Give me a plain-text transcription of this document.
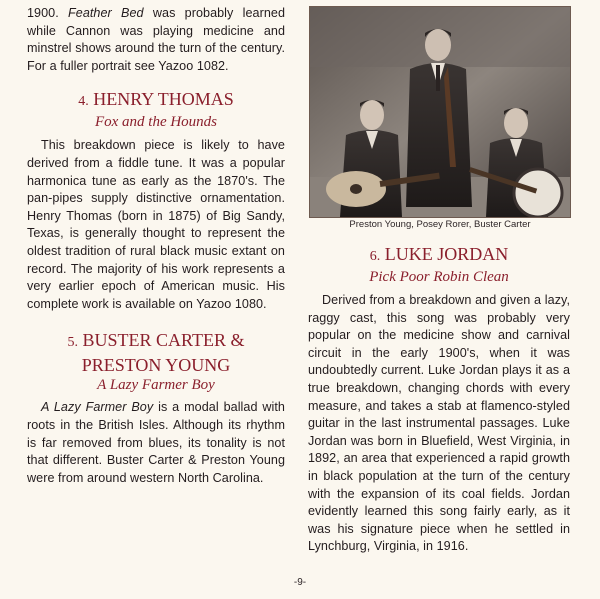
1900. Feather Bed was probably learned while Cannon was playing medicine and minstrel shows around the turn of the century. For a fuller portrait see Yazoo 1082.

4. HENRY THOMAS

Fox and the Hounds

This breakdown piece is likely to have derived from a fiddle tune. It was a popular harmonica tune as early as the 1870's. The pan-pipes supply distinctive ornamentation. Henry Thomas (born in 1875) of Big Sandy, Texas, is generally thought to represent the oldest tradition of rural black music extant on record. The majority of his work represents a very earlier epoch of American music. His complete work is available on Yazoo 1080.

5. BUSTER CARTER &

PRESTON YOUNG

A Lazy Farmer Boy

A Lazy Farmer Boy is a modal ballad with roots in the British Isles. Although its rhythm is far removed from blues, its tonality is not that different. Buster Carter & Preston Young were from around western North Carolina.

Preston Young, Posey Rorer, Buster Carter

6. LUKE JORDAN

Pick Poor Robin Clean

Derived from a breakdown and given a lazy, raggy cast, this song was probably very popular on the medicine show and carnival circuit in the early 1900's, when it was undoubtedly current. Luke Jordan plays it as a true breakdown, changing chords with every measure, and takes a stab at flamenco-styled guitar in the last instrumental passages. Luke Jordan was born in Bluefield, West Virginia, in 1892, an area that experienced a rapid growth in black population at the turn of the century with the expansion of its coal fields. Jordan evidently learned this song fairly early, as it was his signature piece when he settled in Lynchburg, Virginia, in 1916.

-9-
